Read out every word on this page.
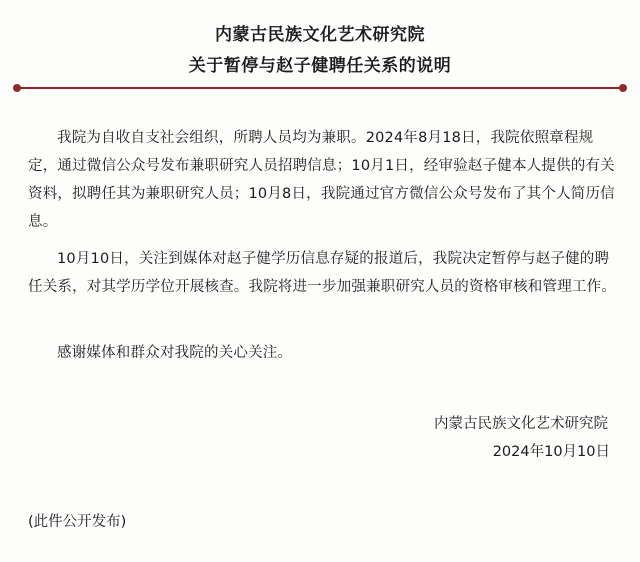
内蒙古民族文化艺术研究院
关于暂停与赵子健聘任关系的说明

我院为自收自支社会组织，所聘人员均为兼职。2024年8月18日，我院依照章程规定，通过微信公众号发布兼职研究人员招聘信息；10月1日，经审验赵子健本人提供的有关资料，拟聘任其为兼职研究人员；10月8日，我院通过官方微信公众号发布了其个人简历信息。

10月10日，关注到媒体对赵子健学历信息存疑的报道后，我院决定暂停与赵子健的聘任关系，对其学历学位开展核查。我院将进一步加强兼职研究人员的资格审核和管理工作。

感谢媒体和群众对我院的关心关注。

内蒙古民族文化艺术研究院
2024年10月10日
(此件公开发布)
